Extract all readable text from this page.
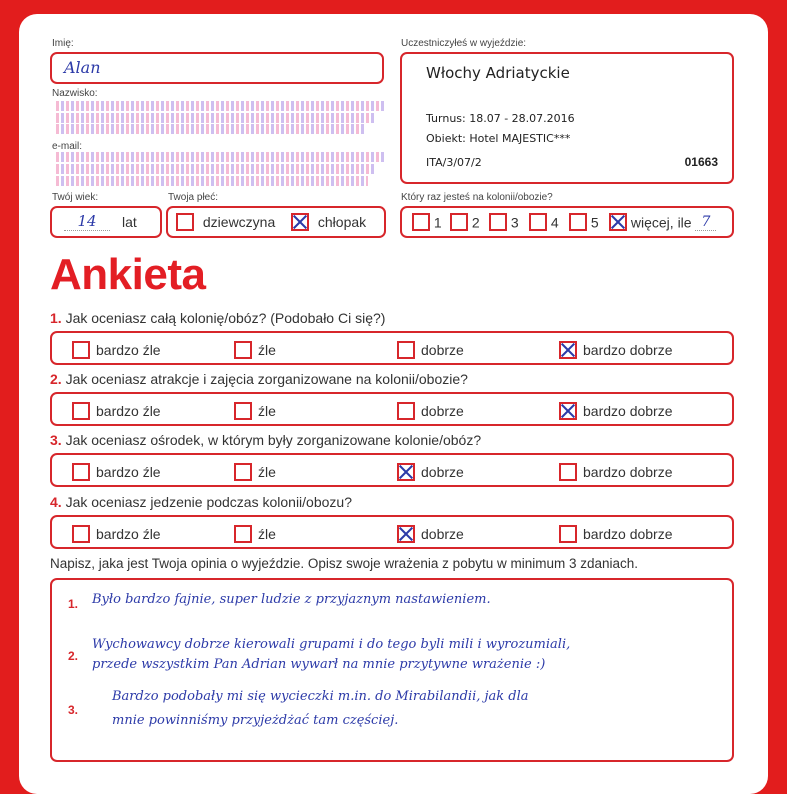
Imię:
Alan
Nazwisko:
e-mail:
Twój wiek:
14	lat
Twoja płeć:
dziewczyna	chłopak
Uczestniczyłeś w wyjeździe:
Włochy Adriatyckie
Turnus: 18.07 - 28.07.2016
Obiekt: Hotel MAJESTIC***
ITA/3/07/2	01663
Który raz jesteś na kolonii/obozie?
1	2	3	4	5	więcej, ile 7
Ankieta
1. Jak oceniasz całą kolonię/obóz? (Podobało Ci się?)
bardzo źle	źle	dobrze	bardzo dobrze
2. Jak oceniasz atrakcje i zajęcia zorganizowane na kolonii/obozie?
bardzo źle	źle	dobrze	bardzo dobrze
3. Jak oceniasz ośrodek, w którym były zorganizowane kolonie/obóz?
bardzo źle	źle	dobrze	bardzo dobrze
4. Jak oceniasz jedzenie podczas kolonii/obozu?
bardzo źle	źle	dobrze	bardzo dobrze
Napisz, jaka jest Twoja opinia o wyjeździe. Opisz swoje wrażenia z pobytu w minimum 3 zdaniach.
1.
2.
3.
Było bardzo fajnie, super ludzie z przyjaznym nastawieniem.
Wychowawcy dobrze kierowali grupami i do tego byli mili i wyrozumiali,
przede wszystkim Pan Adrian wywarł na mnie przytywne wrażenie :)
Bardzo podobały mi się wycieczki m.in. do Mirabilandii, jak dla
mnie powinniśmy przyjeżdżać tam częściej.
